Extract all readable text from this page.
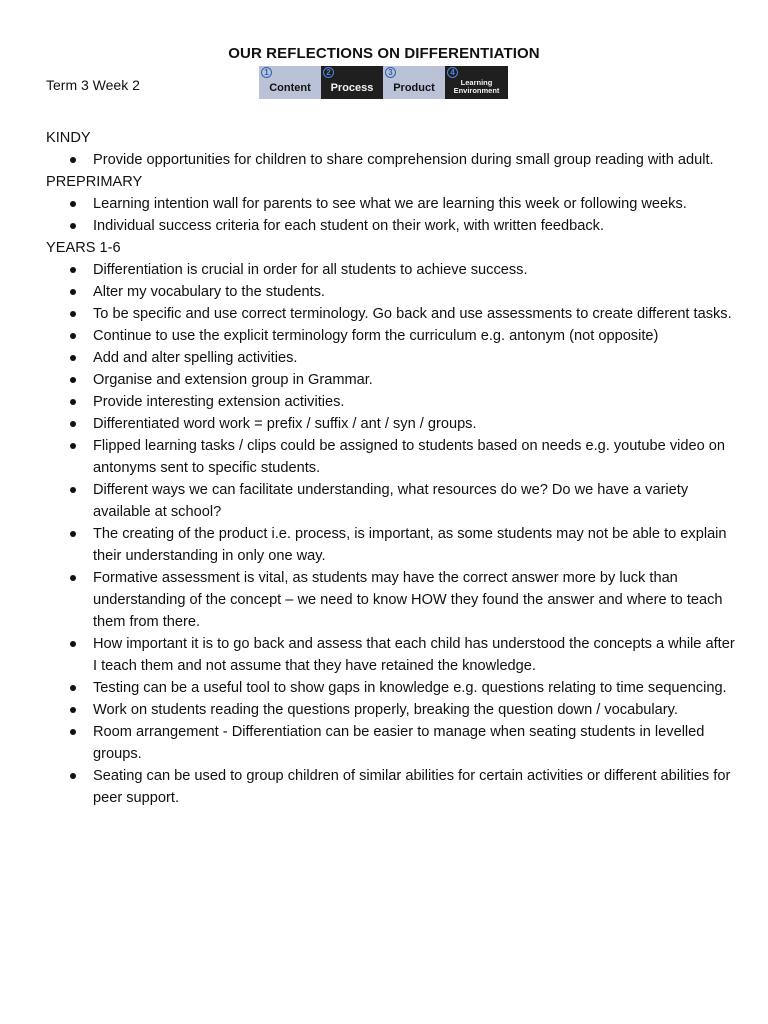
OUR REFLECTIONS ON DIFFERENTIATION
Term 3 Week 2
1
Content
2
Process
3
Product
4
Learning Environment
KINDY
Provide opportunities for children to share comprehension during small group reading with adult.
PREPRIMARY
Learning intention wall for parents to see what we are learning this week or following weeks.
Individual success criteria for each student on their work, with written feedback.
YEARS 1-6
Differentiation is crucial in order for all students to achieve success.
Alter my vocabulary to the students.
To be specific and use correct terminology. Go back and use assessments to create different tasks.
Continue to use the explicit terminology form the curriculum e.g. antonym (not opposite)
Add and alter spelling activities.
Organise and extension group in Grammar.
Provide interesting extension activities.
Differentiated word work = prefix / suffix / ant / syn / groups.
Flipped learning tasks / clips could be assigned to students based on needs e.g. youtube video on antonyms sent to specific students.
Different ways we can facilitate understanding, what resources do we? Do we have a variety available at school?
The creating of the product i.e. process, is important, as some students may not be able to explain their understanding in only one way.
Formative assessment is vital, as students may have the correct answer more by luck than understanding of the concept – we need to know HOW they found the answer and where to teach them from there.
How important it is to go back and assess that each child has understood the concepts a while after I teach them and not assume that they have retained the knowledge.
Testing can be a useful tool to show gaps in knowledge e.g. questions relating to time sequencing.
Work on students reading the questions properly, breaking the question down / vocabulary.
Room arrangement - Differentiation can be easier to manage when seating students in levelled groups.
Seating can be used to group children of similar abilities for certain activities or different abilities for peer support.
